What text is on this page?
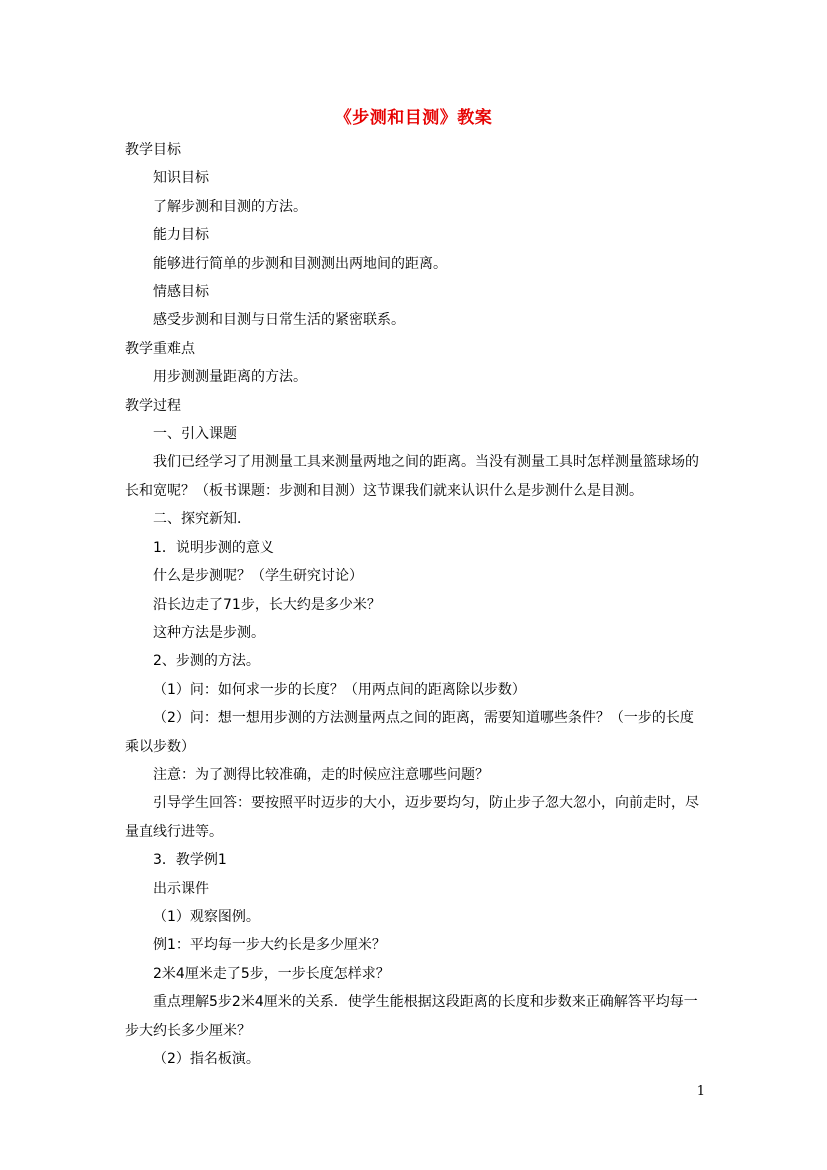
《步测和目测》教案

教学目标

知识目标

了解步测和目测的方法。

能力目标

能够进行简单的步测和目测测出两地间的距离。

情感目标

感受步测和目测与日常生活的紧密联系。

教学重难点

用步测测量距离的方法。

教学过程

一、引入课题

我们已经学习了用测量工具来测量两地之间的距离。当没有测量工具时怎样测量篮球场的长和宽呢？（板书课题：步测和目测）这节课我们就来认识什么是步测什么是目测。

二、探究新知．

1．说明步测的意义

什么是步测呢？（学生研究讨论）

沿长边走了71步，长大约是多少米？

这种方法是步测。

2、步测的方法。

（1）问：如何求一步的长度？（用两点间的距离除以步数）

（2）问：想一想用步测的方法测量两点之间的距离，需要知道哪些条件？（一步的长度乘以步数）

注意：为了测得比较准确，走的时候应注意哪些问题？

引导学生回答：要按照平时迈步的大小，迈步要均匀，防止步子忽大忽小，向前走时，尽量直线行进等。

3．教学例1

出示课件

（1）观察图例。

例1：平均每一步大约长是多少厘米？

2米4厘米走了5步，一步长度怎样求？

重点理解5步2米4厘米的关系．使学生能根据这段距离的长度和步数来正确解答平均每一步大约长多少厘米？

（2）指名板演。

1
